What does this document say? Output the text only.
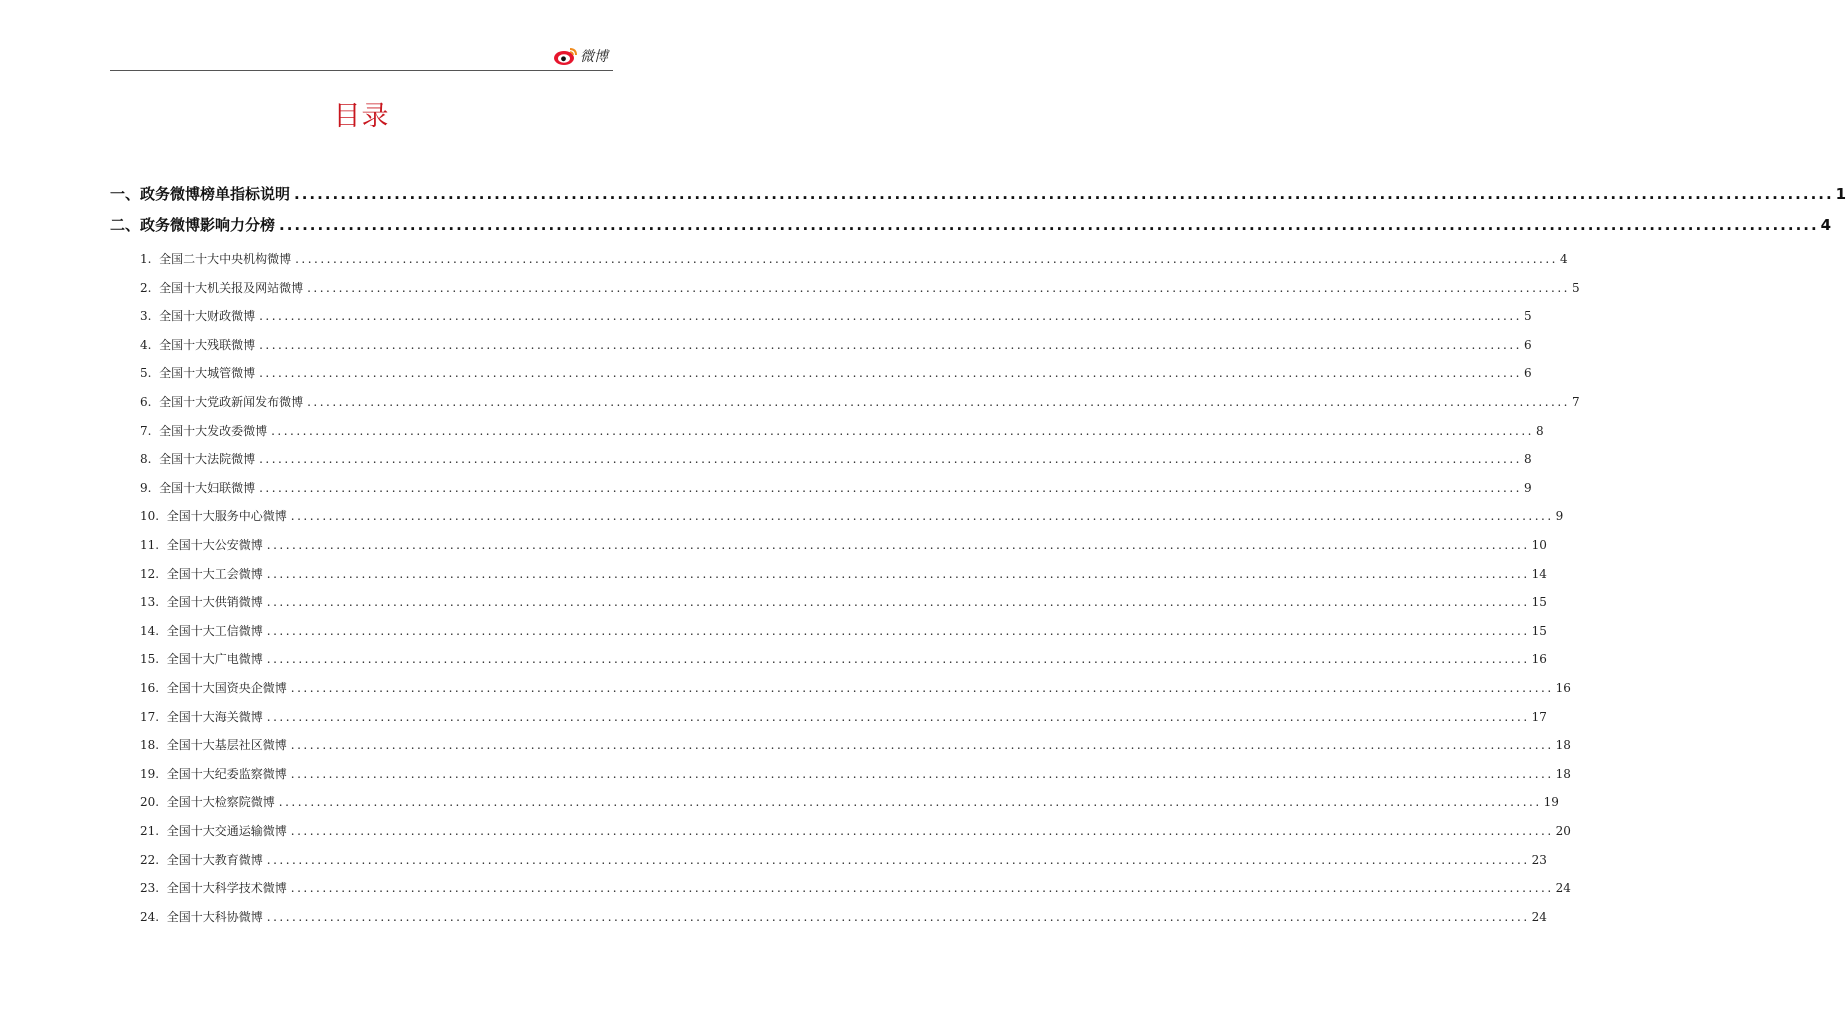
微博
目录
一、政务微博榜单指标说明 ........................................................................................................................................................................................................ 1
二、政务微博影响力分榜 ........................................................................................................................................................................................................ 4
1. 全国二十大中央机构微博 ........................................................................................................................................................................................................ 4
2. 全国十大机关报及网站微博 ........................................................................................................................................................................................................ 5
3. 全国十大财政微博 ........................................................................................................................................................................................................ 5
4. 全国十大残联微博 ........................................................................................................................................................................................................ 6
5. 全国十大城管微博 ........................................................................................................................................................................................................ 6
6. 全国十大党政新闻发布微博 ........................................................................................................................................................................................................ 7
7. 全国十大发改委微博 ........................................................................................................................................................................................................ 8
8. 全国十大法院微博 ........................................................................................................................................................................................................ 8
9. 全国十大妇联微博 ........................................................................................................................................................................................................ 9
10. 全国十大服务中心微博 ........................................................................................................................................................................................................ 9
11. 全国十大公安微博 ........................................................................................................................................................................................................ 10
12. 全国十大工会微博 ........................................................................................................................................................................................................ 14
13. 全国十大供销微博 ........................................................................................................................................................................................................ 15
14. 全国十大工信微博 ........................................................................................................................................................................................................ 15
15. 全国十大广电微博 ........................................................................................................................................................................................................ 16
16. 全国十大国资央企微博 ........................................................................................................................................................................................................ 16
17. 全国十大海关微博 ........................................................................................................................................................................................................ 17
18. 全国十大基层社区微博 ........................................................................................................................................................................................................ 18
19. 全国十大纪委监察微博 ........................................................................................................................................................................................................ 18
20. 全国十大检察院微博 ........................................................................................................................................................................................................ 19
21. 全国十大交通运输微博 ........................................................................................................................................................................................................ 20
22. 全国十大教育微博 ........................................................................................................................................................................................................ 23
23. 全国十大科学技术微博 ........................................................................................................................................................................................................ 24
24. 全国十大科协微博 ........................................................................................................................................................................................................ 24
